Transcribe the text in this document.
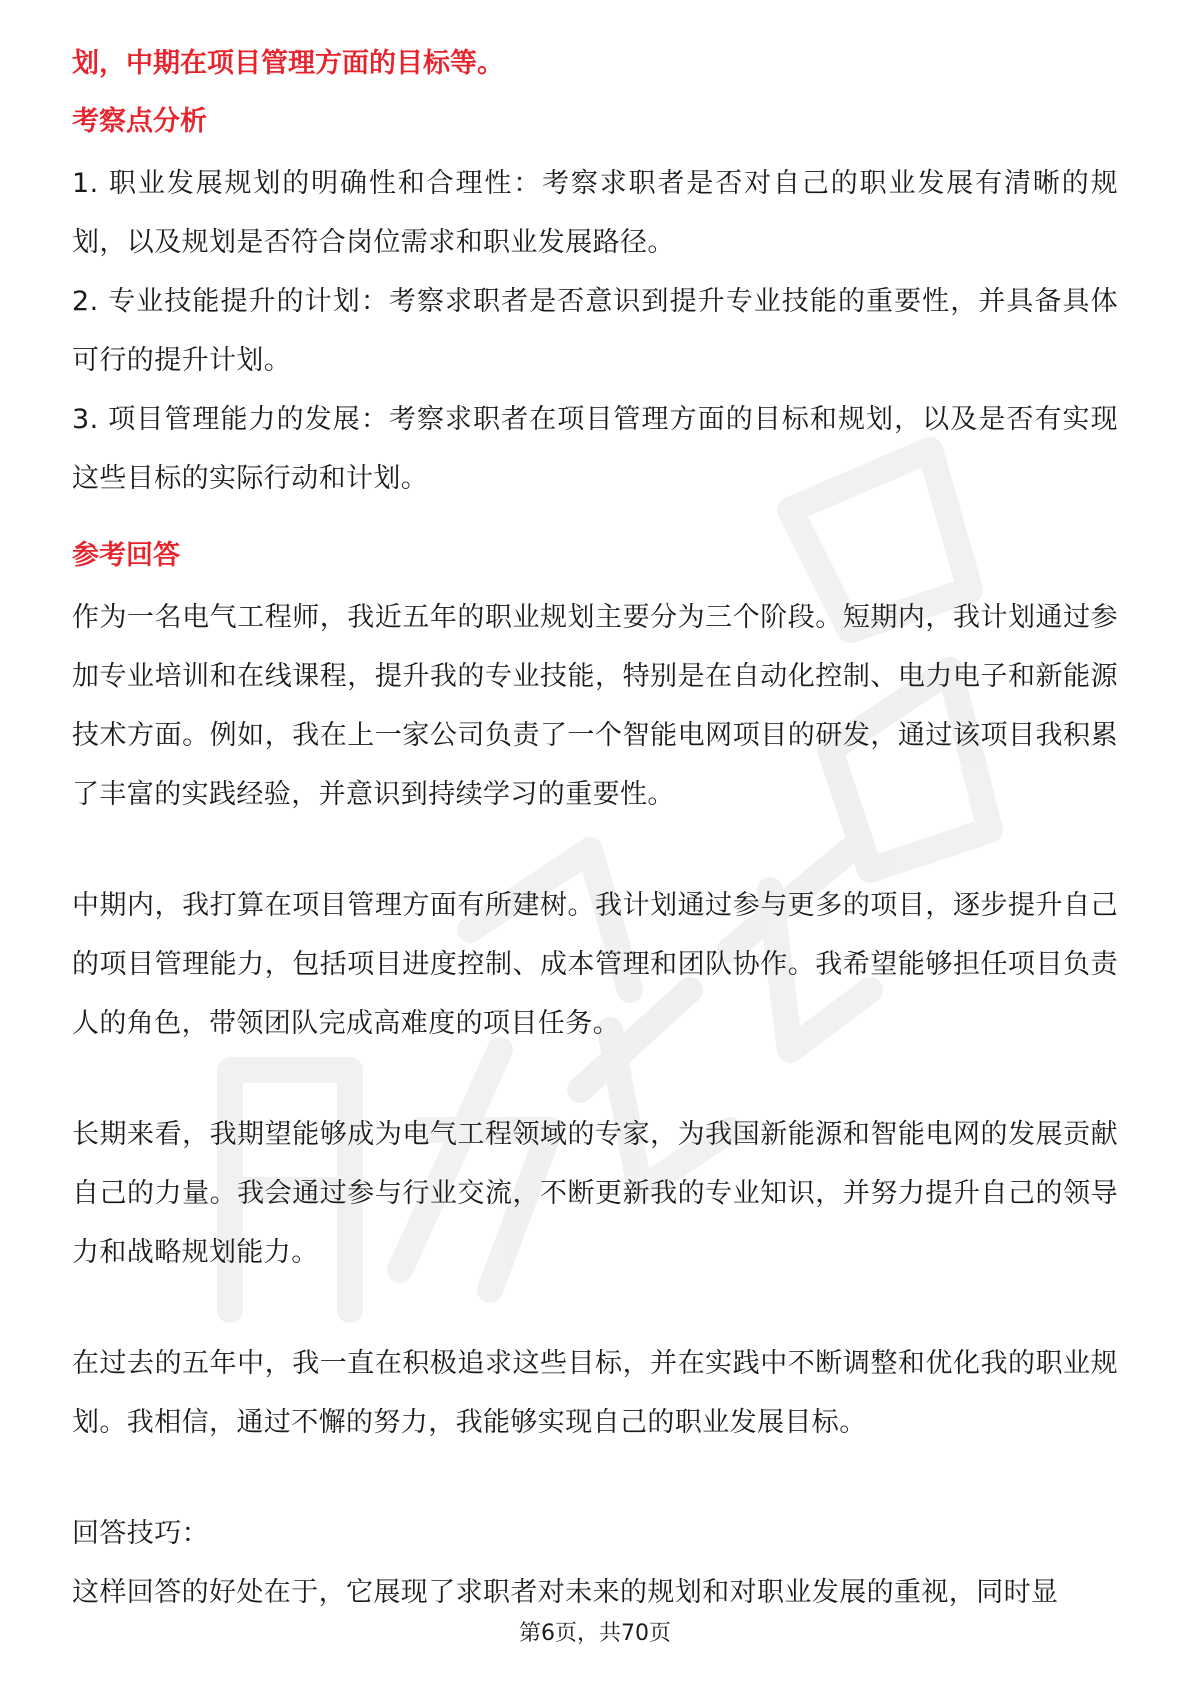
划，中期在项目管理方面的目标等。

考察点分析

1. 职业发展规划的明确性和合理性：考察求职者是否对自己的职业发展有清晰的规划，以及规划是否符合岗位需求和职业发展路径。

2. 专业技能提升的计划：考察求职者是否意识到提升专业技能的重要性，并具备具体可行的提升计划。

3. 项目管理能力的发展：考察求职者在项目管理方面的目标和规划，以及是否有实现这些目标的实际行动和计划。

参考回答

作为一名电气工程师，我近五年的职业规划主要分为三个阶段。短期内，我计划通过参加专业培训和在线课程，提升我的专业技能，特别是在自动化控制、电力电子和新能源技术方面。例如，我在上一家公司负责了一个智能电网项目的研发，通过该项目我积累了丰富的实践经验，并意识到持续学习的重要性。

中期内，我打算在项目管理方面有所建树。我计划通过参与更多的项目，逐步提升自己的项目管理能力，包括项目进度控制、成本管理和团队协作。我希望能够担任项目负责人的角色，带领团队完成高难度的项目任务。

长期来看，我期望能够成为电气工程领域的专家，为我国新能源和智能电网的发展贡献自己的力量。我会通过参与行业交流，不断更新我的专业知识，并努力提升自己的领导力和战略规划能力。

在过去的五年中，我一直在积极追求这些目标，并在实践中不断调整和优化我的职业规划。我相信，通过不懈的努力，我能够实现自己的职业发展目标。

回答技巧：

这样回答的好处在于，它展现了求职者对未来的规划和对职业发展的重视，同时显

第6页，共70页
